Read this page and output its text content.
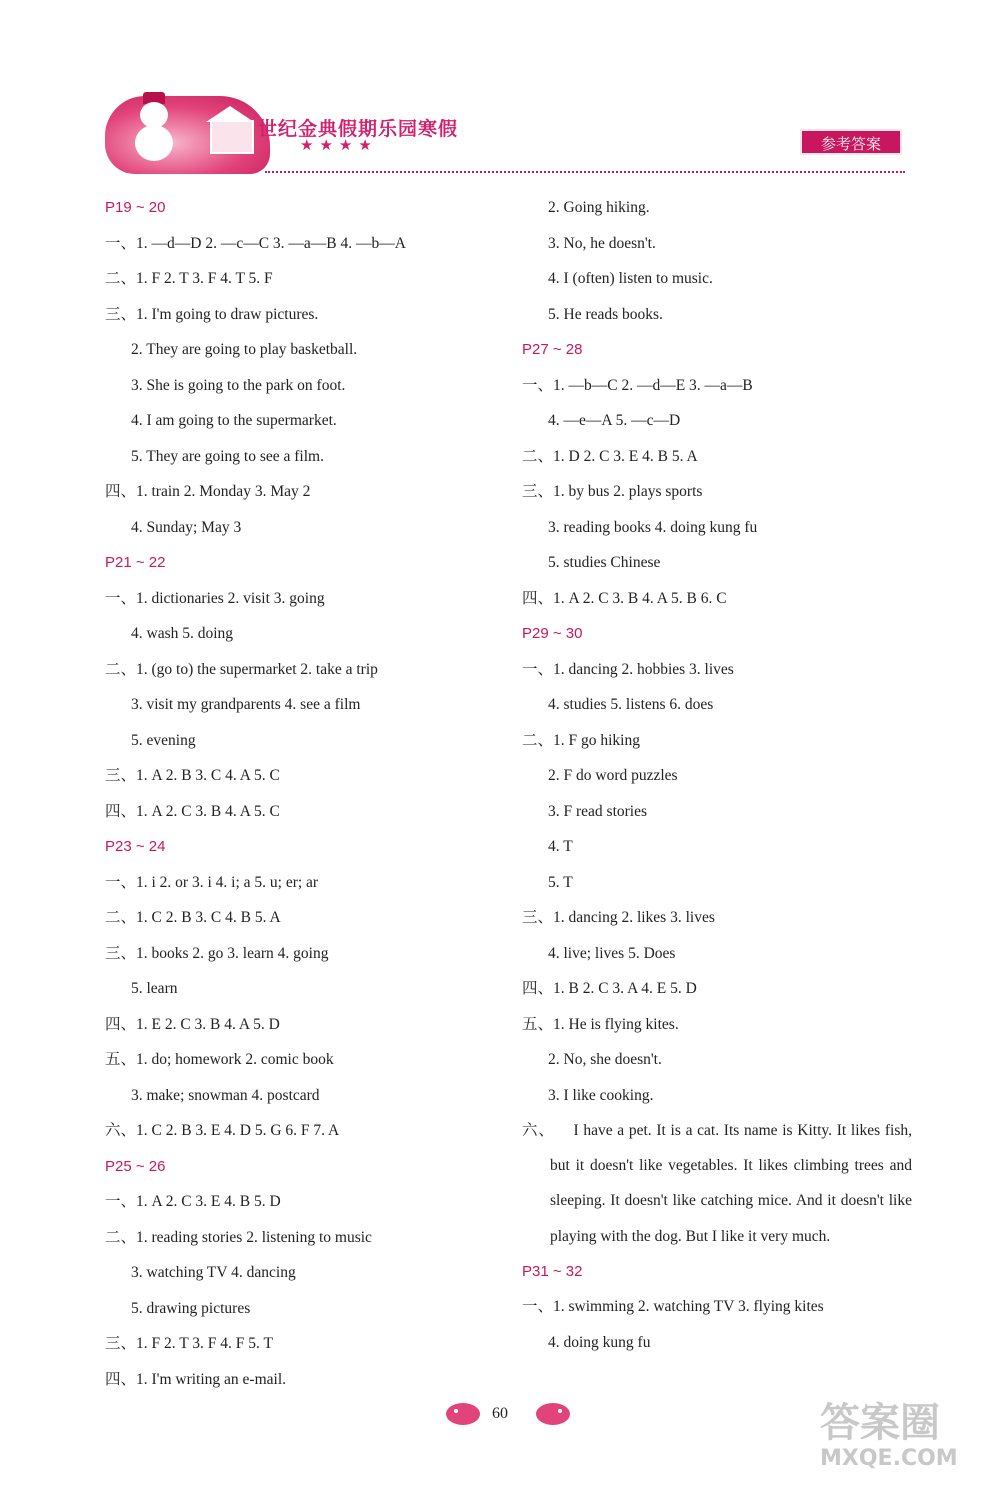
世纪金典假期乐园寒假
★★★★	参考答案
P19 ~ 20
一、1. —d—D 2. —c—C 3. —a—B 4. —b—A
二、1. F 2. T 3. F 4. T 5. F
三、1. I'm going to draw pictures.
2. They are going to play basketball.
3. She is going to the park on foot.
4. I am going to the supermarket.
5. They are going to see a film.
四、1. train 2. Monday 3. May 2
4. Sunday; May 3
P21 ~ 22
一、1. dictionaries 2. visit 3. going
4. wash 5. doing
二、1. (go to) the supermarket 2. take a trip
3. visit my grandparents 4. see a film
5. evening
三、1. A 2. B 3. C 4. A 5. C
四、1. A 2. C 3. B 4. A 5. C
P23 ~ 24
一、1. i 2. or 3. i 4. i; a 5. u; er; ar
二、1. C 2. B 3. C 4. B 5. A
三、1. books 2. go 3. learn 4. going
5. learn
四、1. E 2. C 3. B 4. A 5. D
五、1. do; homework 2. comic book
3. make; snowman 4. postcard
六、1. C 2. B 3. E 4. D 5. G 6. F 7. A
P25 ~ 26
一、1. A 2. C 3. E 4. B 5. D
二、1. reading stories 2. listening to music
3. watching TV 4. dancing
5. drawing pictures
三、1. F 2. T 3. F 4. F 5. T
四、1. I'm writing an e-mail.
2. Going hiking.
3. No, he doesn't.
4. I (often) listen to music.
5. He reads books.
P27 ~ 28
一、1. —b—C 2. —d—E 3. —a—B
4. —e—A 5. —c—D
二、1. D 2. C 3. E 4. B 5. A
三、1. by bus 2. plays sports
3. reading books 4. doing kung fu
5. studies Chinese
四、1. A 2. C 3. B 4. A 5. B 6. C
P29 ~ 30
一、1. dancing 2. hobbies 3. lives
4. studies 5. listens 6. does
二、1. F go hiking
2. F do word puzzles
3. F read stories
4. T
5. T
三、1. dancing 2. likes 3. lives
4. live; lives 5. Does
四、1. B 2. C 3. A 4. E 5. D
五、1. He is flying kites.
2. No, she doesn't.
3. I like cooking.
六、 I have a pet. It is a cat. Its name is Kitty. It likes fish, but it doesn't like vegetables. It likes climbing trees and sleeping. It doesn't like catching mice. And it doesn't like playing with the dog. But I like it very much.
P31 ~ 32
一、1. swimming 2. watching TV 3. flying kites
4. doing kung fu
60	答案圈
MXQE.COM
